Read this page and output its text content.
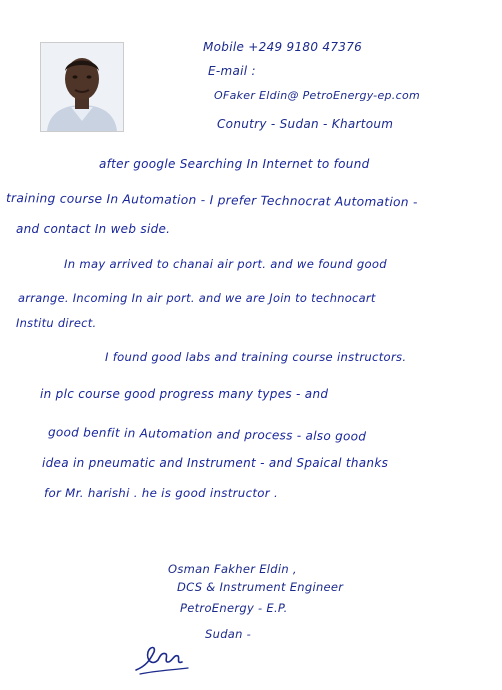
Mobile +249 9180 47376
E-mail :
OFaker Eldin@ PetroEnergy-ep.com
Conutry - Sudan - Khartoum
after google Searching In Internet to found
training course In Automation - I prefer Technocrat Automation -
and contact In web side.
In may arrived to chanai air port. and we found good
arrange. Incoming In air port. and we are Join to technocart
Institu direct.
I found good labs and training course instructors.
in plc course good progress many types - and
good benfit in Automation and process - also good
idea in pneumatic and Instrument - and Spaical thanks
for Mr. harishi . he is good instructor .
Osman Fakher Eldin ,
DCS & Instrument Engineer
PetroEnergy - E.P.
Sudan -
